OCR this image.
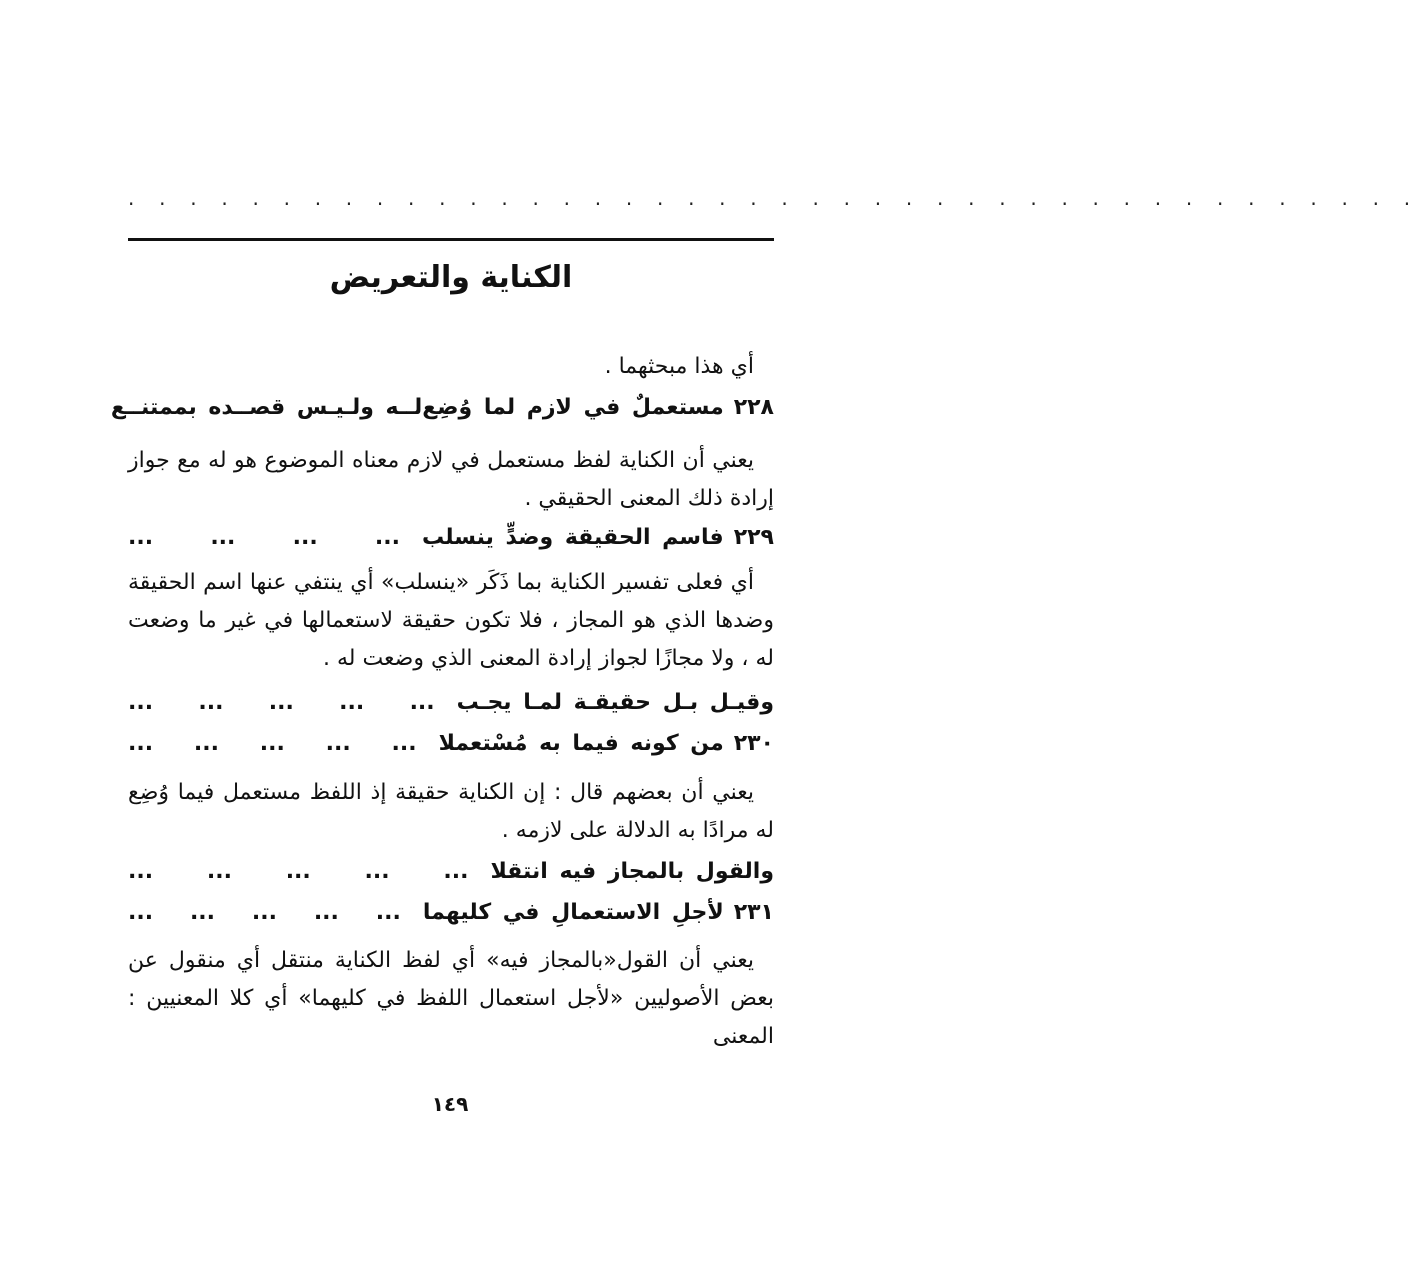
. . . . . . . . . . . . . . . . . . . . . . . . . . . . . . . . . . . . . . . . . .
الكناية والتعريض
أي هذا مبحثهما .
٢٢٨
مستعملٌ في لازم لما وُضِع
لــه ولـيـس قصــده بممتنــع
يعني أن الكناية لفظ مستعمل في لازم معناه الموضوع هو له مع جواز إرادة ذلك المعنى الحقيقي .
٢٢٩
فاسم الحقيقة وضدٍّ ينسلب
...
...
...
...
أي فعلى تفسير الكناية بما ذَكَر «ينسلب» أي ينتفي عنها اسم الحقيقة وضدها الذي هو المجاز ، فلا تكون حقيقة لاستعمالها في غير ما وضعت له ، ولا مجازًا لجواز إرادة المعنى الذي وضعت له .
وقيـل بـل حقيقـة لمـا يجـب
...
...
...
...
...
٢٣٠
من كونه فيما به مُسْتعملا
...
...
...
...
...
يعني أن بعضهم قال : إن الكناية حقيقة إذ اللفظ مستعمل فيما وُضِع له مرادًا به الدلالة على لازمه .
والقول بالمجاز فيه انتقلا
...
...
...
...
...
٢٣١
لأجلِ الاستعمالِ في كليهما
...
...
...
...
...
يعني أن القول«بالمجاز فيه» أي لفظ الكناية منتقل أي منقول عن بعض الأصوليين «لأجل استعمال اللفظ في كليهما» أي كلا المعنيين : المعنى
١٤٩
